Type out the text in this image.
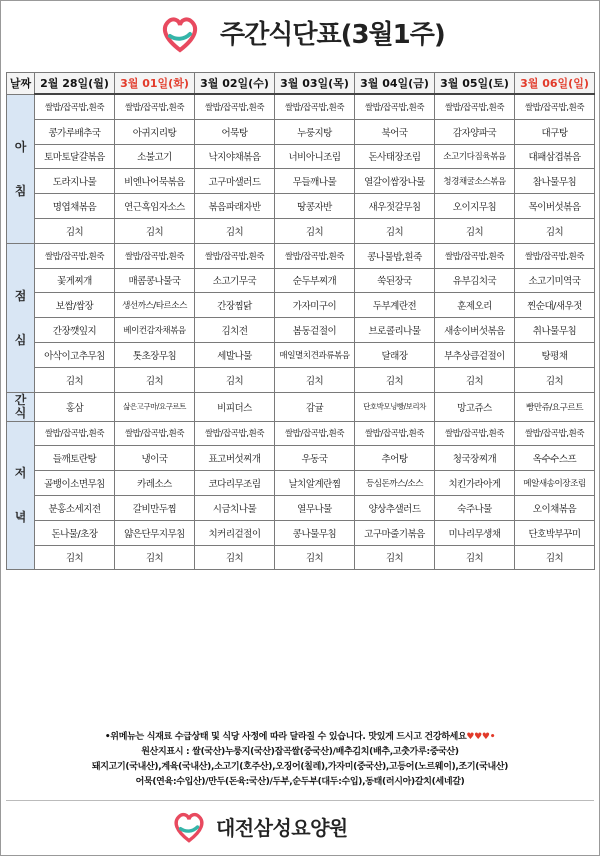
주간식단표(3월1주)
날짜	2월 28일(월)	3월 01일(화)	3월 02일(수)	3월 03일(목)	3월 04일(금)	3월 05일(토)	3월 06일(일)

아
침	쌀밥/잡곡밥,흰죽	쌀밥/잡곡밥,흰죽	쌀밥/잡곡밥,흰죽	쌀밥/잡곡밥,흰죽	쌀밥/잡곡밥,흰죽	쌀밥/잡곡밥,흰죽	쌀밥/잡곡밥,흰죽
	콩가루배추국	아귀지리탕	어묵탕	누룽지탕	북어국	감자양파국	대구탕
	토마토달걀볶음	소불고기	낙지야채볶음	너비아니조림	돈사태장조림	소고기다짐육볶음	대패삼겹볶음
	도라지나물	비엔나어묵볶음	고구마샐러드	무들깨나물	열갈이쌈장나물	청경채굴소스볶음	참나물무침
	명엽채볶음	연근흑임자소스	볶음파래자반	땅콩자반	새우젓갈무침	오이지무침	목이버섯볶음
	김치	김치	김치	김치	김치	김치	김치

점
심	쌀밥/잡곡밥,흰죽	쌀밥/잡곡밥,흰죽	쌀밥/잡곡밥,흰죽	쌀밥/잡곡밥,흰죽	콩나물밥,흰죽	쌀밥/잡곡밥,흰죽	쌀밥/잡곡밥,흰죽
	꽃게찌개	매콤콩나물국	소고기무국	순두부찌개	쑥된장국	유부김치국	소고기미역국
	보쌈/쌈장	생선까스/타르소스	간장찜닭	가자미구이	두부계란전	훈제오리	찐순대/새우젓
	간장깻잎지	베이컨감자채볶음	김치전	봄동겉절이	브로콜리나물	새송이버섯볶음	취나물무침
	아삭이고추무침	톳초장무침	세발나물	매일멸치견과류볶음	달래장	부추상큼겉절이	탕평채
	김치	김치	김치	김치	김치	김치	김치

간
식	홍삼	삶은고구마/요구르트	비피더스	감귤	단호박모닝빵/보리차	망고쥬스	빵만쥬/요구르트

저
녁	쌀밥/잡곡밥,흰죽	쌀밥/잡곡밥,흰죽	쌀밥/잡곡밥,흰죽	쌀밥/잡곡밥,흰죽	쌀밥/잡곡밥,흰죽	쌀밥/잡곡밥,흰죽	쌀밥/잡곡밥,흰죽
	들깨토란탕	냉이국	표고버섯찌개	우동국	추어탕	청국장찌개	옥수수스프
	골뱅이소면무침	카레소스	코다리무조림	날치알계란찜	등심돈까스/소스	치킨가라아게	메알새송이장조림
	분홍소세지전	갈비만두찜	시금치나물	열무나물	양상추샐러드	숙주나물	오이채볶음
	돈나물/초장	얇은단무지무침	치커리겉절이	콩나물무침	고구마줄기볶음	미나리무생채	단호박부꾸미
	김치	김치	김치	김치	김치	김치	김치
•위메뉴는 식재료 수급상태 및 식당 사정에 따라 달라질 수 있습니다. 맛있게 드시고 건강하세요♥♥♥•
원산지표시 : 쌀(국산)누룽지(국산)잡곡쌀(중국산)/배추김치(배추,고춧가루:중국산)
돼지고기(국내산),계육(국내산),소고기(호주산),오징어(칠레),가자미(중국산),고등어(노르웨이),조기(국내산)
어묵(연육:수입산)/만두(돈육:국산)/두부,순두부(대두:수입),동태(러시아)갈치(세네갈)
대전삼성요양원
